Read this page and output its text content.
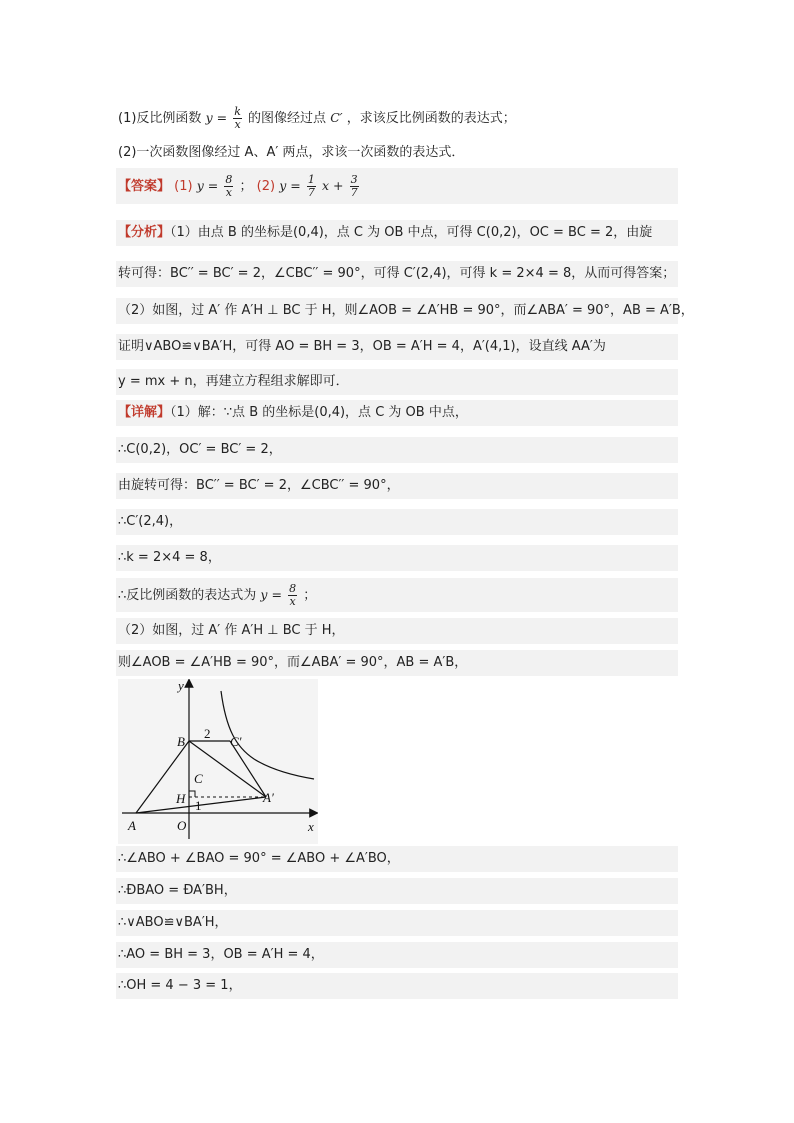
(1)反比例函数 $y = \frac{k}{x}$ 的图像经过点 C′ ，求该反比例函数的表达式；
(2)一次函数图像经过 A、A′ 两点，求该一次函数的表达式．
【答案】 (1) $y = \frac{8}{x}$ ； (2) $y = \frac{1}{7}$ $x + \frac{3}{7}$
【分析】（1）由点 B 的坐标是(0,4)，点 C 为 OB 中点，可得 C(0,2)，OC = BC = 2，由旋
转可得：BC′′ = BC′ = 2，∠CBC′′ = 90°，可得 C′(2,4)，可得 k = 2×4 = 8，从而可得答案；
（2）如图，过 A′ 作 A′H ⊥ BC 于 H，则∠AOB = ∠A′HB = 90°，而∠ABA′ = 90°，AB = A′B，
证明∨ABO≌∨BA′H，可得 AO = BH = 3，OB = A′H = 4，A′(4,1)，设直线 AA′为
y = mx + n，再建立方程组求解即可．
【详解】（1）解：∵点 B 的坐标是(0,4)，点 C 为 OB 中点，
∴C(0,2)，OC′ = BC′ = 2，
由旋转可得：BC′′ = BC′ = 2，∠CBC′′ = 90°，
∴C′(2,4)，
∴k = 2×4 = 8，
∴反比例函数的表达式为 $y = \frac{8}{x}$ ；
（2）如图，过 A′ 作 A′H ⊥ BC 于 H，
则∠AOB = ∠A′HB = 90°，而∠ABA′ = 90°，AB = A′B，
y
x
O
A
B
C
H
C′
A′
2
1
∴∠ABO + ∠BAO = 90° = ∠ABO + ∠A′BO，
∴ÐBAO = ÐA′BH，
∴∨ABO≌∨BA′H，
∴AO = BH = 3，OB = A′H = 4，
∴OH = 4 − 3 = 1，
